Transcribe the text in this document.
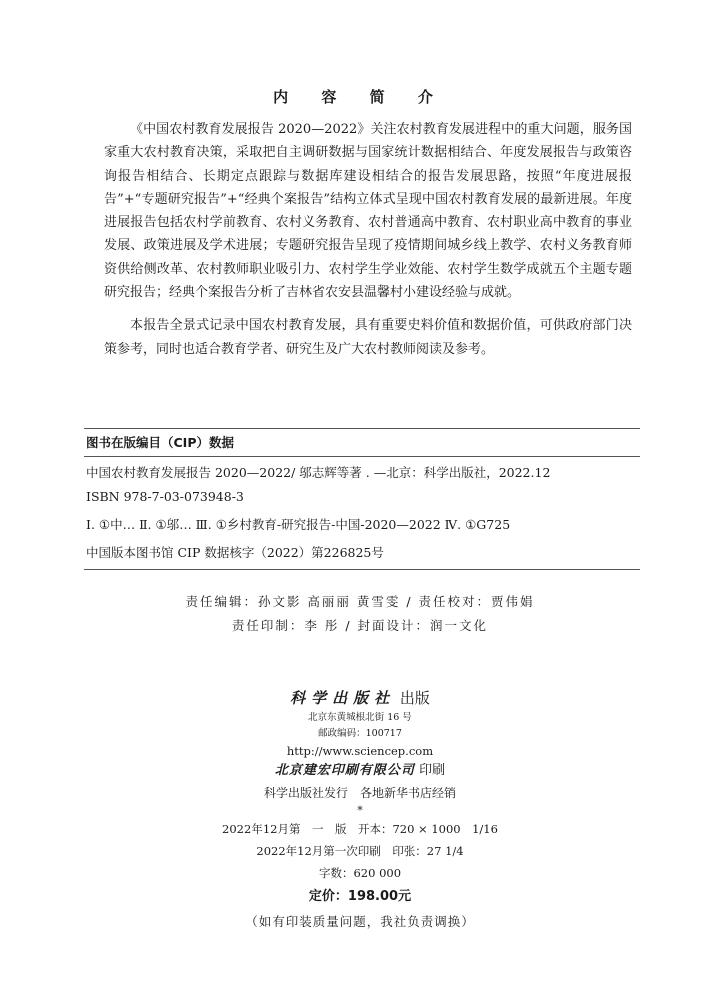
内 容 简 介

《中国农村教育发展报告 2020—2022》关注农村教育发展进程中的重大问题，服务国家重大农村教育决策，采取把自主调研数据与国家统计数据相结合、年度发展报告与政策咨询报告相结合、长期定点跟踪与数据库建设相结合的报告发展思路，按照“年度进展报告”+“专题研究报告”+“经典个案报告”结构立体式呈现中国农村教育发展的最新进展。年度进展报告包括农村学前教育、农村义务教育、农村普通高中教育、农村职业高中教育的事业发展、政策进展及学术进展；专题研究报告呈现了疫情期间城乡线上教学、农村义务教育师资供给侧改革、农村教师职业吸引力、农村学生学业效能、农村学生数学成就五个主题专题研究报告；经典个案报告分析了吉林省农安县温馨村小建设经验与成就。

本报告全景式记录中国农村教育发展，具有重要史料价值和数据价值，可供政府部门决策参考，同时也适合教育学者、研究生及广大农村教师阅读及参考。

图书在版编目（CIP）数据
中国农村教育发展报告 2020—2022/ 邬志辉等著 . —北京：科学出版社，2022.12
ISBN 978-7-03-073948-3
Ⅰ. ①中… Ⅱ. ①邬… Ⅲ. ①乡村教育-研究报告-中国-2020—2022 Ⅳ. ①G725
中国版本图书馆 CIP 数据核字（2022）第226825号
责任编辑：孙文影 高丽丽 黄雪雯 / 责任校对：贾伟娟
责任印制：李 彤 / 封面设计：润一文化
科学出版社 出版
北京东黄城根北街 16 号
邮政编码：100717
http://www.sciencep.com
北京建宏印刷有限公司 印刷
科学出版社发行　各地新华书店经销
*
2022年12月第　一　版　开本：720 × 1000　1/16
2022年12月第一次印刷　印张：27 1/4
字数：620 000
定价：198.00元
（如有印装质量问题，我社负责调换）
